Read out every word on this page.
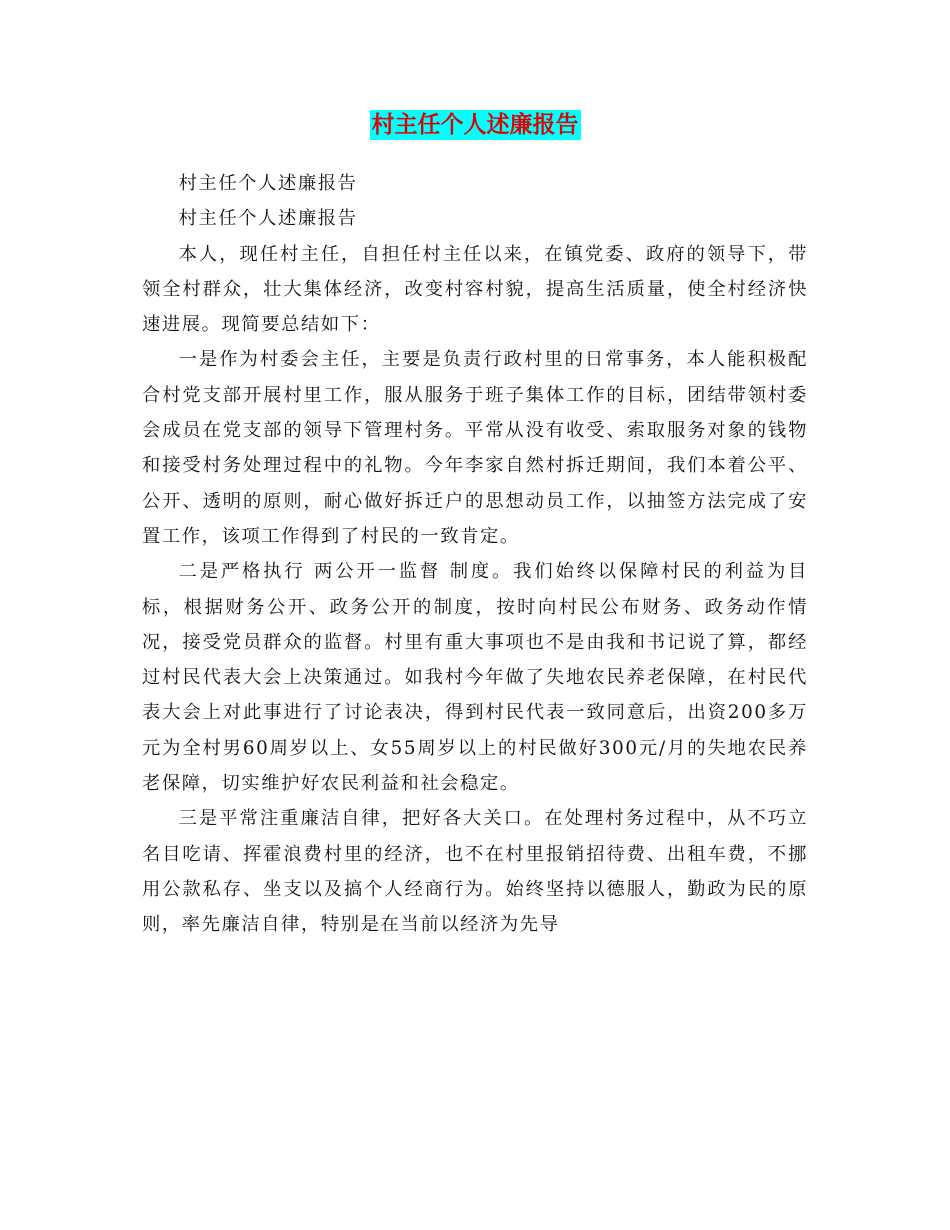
村主任个人述廉报告

村主任个人述廉报告

村主任个人述廉报告

本人，现任村主任，自担任村主任以来，在镇党委、政府的领导下，带领全村群众，壮大集体经济，改变村容村貌，提高生活质量，使全村经济快速进展。现简要总结如下：

一是作为村委会主任，主要是负责行政村里的日常事务，本人能积极配合村党支部开展村里工作，服从服务于班子集体工作的目标，团结带领村委会成员在党支部的领导下管理村务。平常从没有收受、索取服务对象的钱物和接受村务处理过程中的礼物。今年李家自然村拆迁期间，我们本着公平、公开、透明的原则，耐心做好拆迁户的思想动员工作，以抽签方法完成了安置工作，该项工作得到了村民的一致肯定。

二是严格执行 两公开一监督 制度。我们始终以保障村民的利益为目标，根据财务公开、政务公开的制度，按时向村民公布财务、政务动作情况，接受党员群众的监督。村里有重大事项也不是由我和书记说了算，都经过村民代表大会上决策通过。如我村今年做了失地农民养老保障，在村民代表大会上对此事进行了讨论表决，得到村民代表一致同意后，出资200多万元为全村男60周岁以上、女55周岁以上的村民做好300元/月的失地农民养老保障，切实维护好农民利益和社会稳定。

三是平常注重廉洁自律，把好各大关口。在处理村务过程中，从不巧立名目吃请、挥霍浪费村里的经济，也不在村里报销招待费、出租车费，不挪用公款私存、坐支以及搞个人经商行为。始终坚持以德服人，勤政为民的原则，率先廉洁自律，特别是在当前以经济为先导
